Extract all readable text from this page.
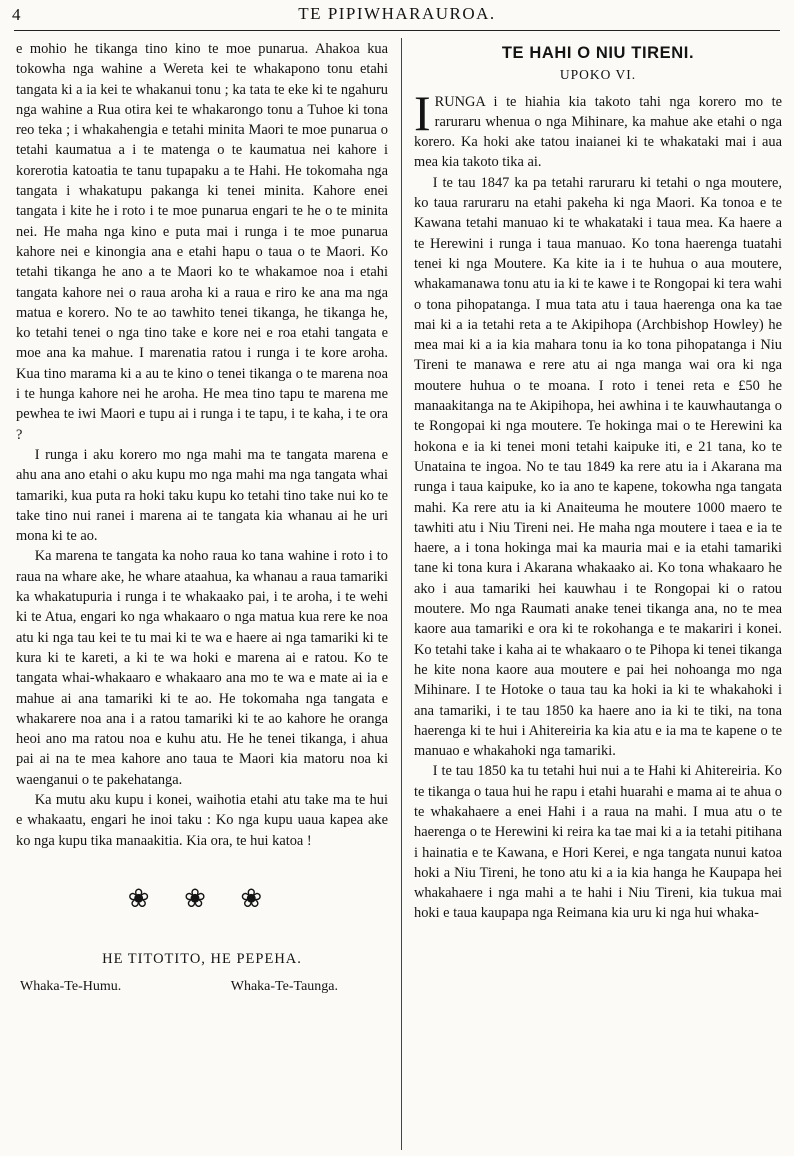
4	TE PIPIWHARAUROA.

e mohio he tikanga tino kino te moe punarua. Ahakoa kua tokowha nga wahine a Wereta kei te whakapono tonu etahi tangata ki a ia kei te whakanui tonu ; ka tata te eke ki te ngahuru nga wahine a Rua otira kei te whakarongo tonu a Tuhoe ki tona reo teka ; i whakahengia e tetahi minita Maori te moe punarua o tetahi kaumatua a i te matenga o te kaumatua nei kahore i korerotia katoatia te tanu tupapaku a te Hahi. He tokomaha nga tangata i whakatupu pakanga ki tenei minita. Kahore enei tangata i kite he i roto i te moe punarua engari te he o te minita nei. He maha nga kino e puta mai i runga i te moe punarua kahore nei e kinongia ana e etahi hapu o taua o te Maori. Ko tetahi tikanga he ano a te Maori ko te whakamoe noa i etahi tangata kahore nei o raua aroha ki a raua e riro ke ana ma nga matua e korero. No te ao tawhito tenei tikanga, he tikanga he, ko tetahi tenei o nga tino take e kore nei e roa etahi tangata e moe ana ka mahue. I marenatia ratou i runga i te kore aroha. Kua tino marama ki a au te kino o tenei tikanga o te marena noa i te hunga kahore nei he aroha. He mea tino tapu te marena me pewhea te iwi Maori e tupu ai i runga i te tapu, i te kaha, i te ora ?

I runga i aku korero mo nga mahi ma te tangata marena e ahu ana ano etahi o aku kupu mo nga mahi ma nga tangata whai tamariki, kua puta ra hoki taku kupu ko tetahi tino take nui ko te take tino nui ranei i marena ai te tangata kia whanau ai he uri mona ki te ao.

Ka marena te tangata ka noho raua ko tana wahine i roto i to raua na whare ake, he whare ataahua, ka whanau a raua tamariki ka whakatupuria i runga i te whakaako pai, i te aroha, i te wehi ki te Atua, engari ko nga whakaaro o nga matua kua rere ke noa atu ki nga tau kei te tu mai ki te wa e haere ai nga tamariki ki te kura ki te kareti, a ki te wa hoki e marena ai e ratou. Ko te tangata whai-whakaaro e whakaaro ana mo te wa e mate ai ia e mahue ai ana tamariki ki te ao. He tokomaha nga tangata e whakarere noa ana i a ratou tamariki ki te ao kahore he oranga heoi ano ma ratou noa e kuhu atu. He he tenei tikanga, i ahua pai ai na te mea kahore ano taua te Maori kia matoru noa ki waenganui o te pakehatanga.

Ka mutu aku kupu i konei, waihotia etahi atu take ma te hui e whakaatu, engari he inoi taku : Ko nga kupu uaua kapea ake ko nga kupu tika manaakitia. Kia ora, te hui katoa !

❀ ❀ ❀
HE TITOTITO, HE PEPEHA.
Whaka-Te-Humu.	Whaka-Te-Taunga.
TE HAHI O NIU TIRENI.
UPOKO VI.

IRUNGA i te hiahia kia takoto tahi nga korero mo te raruraru whenua o nga Mihinare, ka mahue ake etahi o nga korero. Ka hoki ake tatou inaianei ki te whakataki mai i aua mea kia takoto tika ai.

I te tau 1847 ka pa tetahi raruraru ki tetahi o nga moutere, ko taua raruraru na etahi pakeha ki nga Maori. Ka tonoa e te Kawana tetahi manuao ki te whakataki i taua mea. Ka haere a te Herewini i runga i taua manuao. Ko tona haerenga tuatahi tenei ki nga Moutere. Ka kite ia i te huhua o aua moutere, whakamanawa tonu atu ia ki te kawe i te Rongopai ki tera wahi o tona pihopatanga. I mua tata atu i taua haerenga ona ka tae mai ki a ia tetahi reta a te Akipihopa (Archbishop Howley) he mea mai ki a ia kia mahara tonu ia ko tona pihopatanga i Niu Tireni te manawa e rere atu ai nga manga wai ora ki nga moutere huhua o te moana. I roto i tenei reta e £50 he manaakitanga na te Akipihopa, hei awhina i te kauwhautanga o te Rongopai ki nga moutere. Te hokinga mai o te Herewini ka hokona e ia ki tenei moni tetahi kaipuke iti, e 21 tana, ko te Unataina te ingoa. No te tau 1849 ka rere atu ia i Akarana ma runga i taua kaipuke, ko ia ano te kapene, tokowha nga tangata mahi. Ka rere atu ia ki Anaiteuma he moutere 1000 maero te tawhiti atu i Niu Tireni nei. He maha nga moutere i taea e ia te haere, a i tona hokinga mai ka mauria mai e ia etahi tamariki tane ki tona kura i Akarana whakaako ai. Ko tona whakaaro he ako i aua tamariki hei kauwhau i te Rongopai ki o ratou moutere. Mo nga Raumati anake tenei tikanga ana, no te mea kaore aua tamariki e ora ki te rokohanga e te makariri i konei. Ko tetahi take i kaha ai te whakaaro o te Pihopa ki tenei tikanga he kite nona kaore aua moutere e pai hei nohoanga mo nga Mihinare. I te Hotoke o taua tau ka hoki ia ki te whakahoki i ana tamariki, i te tau 1850 ka haere ano ia ki te tiki, na tona haerenga ki te hui i Ahitereiria ka kia atu e ia ma te kapene o te manuao e whakahoki nga tamariki.

I te tau 1850 ka tu tetahi hui nui a te Hahi ki Ahitereiria. Ko te tikanga o taua hui he rapu i etahi huarahi e mama ai te ahua o te whakahaere a enei Hahi i a raua na mahi. I mua atu o te haerenga o te Herewini ki reira ka tae mai ki a ia tetahi pitihana i hainatia e te Kawana, e Hori Kerei, e nga tangata nunui katoa hoki a Niu Tireni, he tono atu ki a ia kia hanga he Kaupapa hei whakahaere i nga mahi a te hahi i Niu Tireni, kia tukua mai hoki e taua kaupapa nga Reimana kia uru ki nga hui whaka-
